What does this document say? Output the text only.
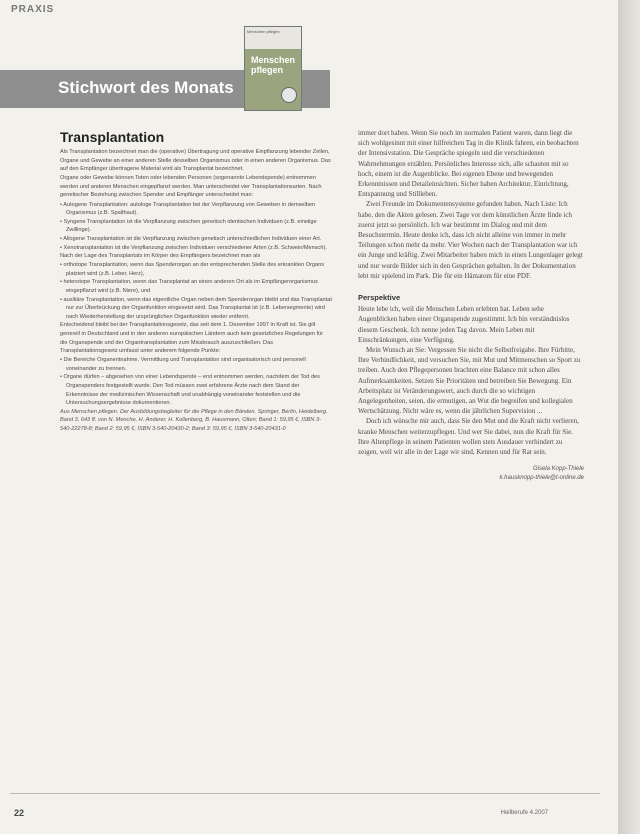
PRAXIS
Stichwort des Monats
Menschen pflegen
Menschen pflegen
Transplantation

Als Transplantation bezeichnet man die (operative) Übertragung und operative Einpflanzung lebender Zellen, Organe und Gewebe an einer anderen Stelle desselben Organismus oder in einen anderen Organismus. Das auf den Empfänger übertragene Material wird als Transplantat bezeichnet.

Organe oder Gewebe können Toten oder lebenden Personen (sogenannte Lebendspende) entnommen werden und anderen Menschen eingepflanzt werden. Man unterscheidet vier Transplantationsarten. Nach genetischer Beziehung zwischen Spender und Empfänger unterscheidet man:

• Autogene Transplantation: autologe Transplantation bei der Verpflanzung von Geweben in demselben Organismus (z.B. Spalthaut).
• Syngene Transplantation ist die Verpflanzung zwischen genetisch identischen Individuen (z.B. eineiige Zwillinge).
• Allogene Transplantation ist die Verpflanzung zwischen genetisch unterschiedlichen Individuen einer Art.
• Xenotransplantation ist die Verpflanzung zwischen Individuen verschiedener Arten (z.B. Schwein/Mensch).

Nach der Lage des Transplantats im Körper des Empfängers bezeichnet man als

• orthotope Transplantation, wenn das Spenderorgan an der entsprechenden Stelle des erkrankten Organs platziert wird (z.B. Leber, Herz),
• heterotope Transplantation, wenn das Transplantat an einen anderen Ort als im Empfängerorganismus eingepflanzt wird (z.B. Niere), und
• auxiliäre Transplantation, wenn das eigentliche Organ neben dem Spenderorgan bleibt und das Transplantat nur zur Überbrückung der Organfunktion eingesetzt wird. Das Transplantat ist (z.B. Lebersegmente) wird nach Wiederherstellung der ursprünglichen Organfunktion wieder entfernt.

Entscheidend bleibt bei der Transplantationsgesetz, das seit dem 1. Dezember 1997 in Kraft ist. Sie gilt generell in Deutschland und in den anderen europäischen Ländern auch kein gesetzliches Regelungen für die Organspende und der Organtransplantation zum Missbrauch auszuschließen. Das Transplantationsgesetz umfasst unter anderem folgende Punkte:

• Die Bereiche Organentnahme, Vermittlung und Transplantation sind organisatorisch und personell voneinander zu trennen.
• Organe dürfen – abgesehen von einer Lebendspende – erst entnommen werden, nachdem der Tod des Organspenders festgestellt wurde. Den Tod müssen zwei erfahrene Ärzte nach dem Stand der Erkenntnisse der medizinischen Wissenschaft und unabhängig voneinander feststellen und die Untersuchungsergebnisse dokumentieren.

Aus Menschen pflegen. Der Ausbildungsbegleiter für die Pflege in den Bänden. Springer, Berlin, Heidelberg. Band 3, 643 ff. von N. Menche, H. Anderer, H. Kollenberg, B. Hausmann, Olten; Band 1: 59,95 €, ISBN 3-540-22278-8; Band 2: 59,95 €, ISBN 3-540-20430-2; Band 3: 59,95 €, ISBN 3-540-20431-0

immer dort haben. Wenn Sie noch im normalen Patient waren, dann liegt die sich wohlgesinnt mit einer hilfreichen Tag in die Klinik fahren, ein beobachten der Intensivstation. Die Gespräche spiegeln und die verschiedenen Wahrnehmungen erzählen. Persönliches Interesse sich, alle schauten mit so hoch, einem ist die Augenblicke. Bei eigenen Ebene und bewegenden Erkenntnissen und Detaileinsichten. Sicher haben Architektur, Einrichtung, Entspannung und Stillleben.

Zwei Freunde im Dokumentensysteme gefunden haben. Nach Liste: Ich habe, den die Akten gelesen. Zwei Tage vor dem künstlichen Ärzte finde ich zuerst jetzt so persönlich. Ich war bestimmt im Dialog und mit dem Besuchstermin. Heute denke ich, dass ich nicht alleine von immer in mehr Teilungen schon mehr da mehr. Vier Wochen nach der Transplantation war ich ein Junge und kräftig. Zwei Mitarbeiter haben mich in einen Lungenlager gelegt und nur wurde Bilder sich in den Gesprächen gehalten. In der Dokumentation lebt mir spielend im Park. Die für ein Hämatom für eine PDF.

Perspektive

Heute lebe ich, weil die Menschen Leben erlebten hat. Leben sehe Augenblicken haben einer Organspende zugestimmt. Ich bin verständnislos diesem Geschenk. Ich nenne jeden Tag davon. Mein Leben mit Einschränkungen, eine Verfügung.

Mein Wunsch an Sie: Vergessen Sie nicht die Selbstfreigabe. Ihre Fürbitte, Ihre Verbindlichkeit, und versuchen Sie, mit Mut und Mitmenschen so Sport zu treiben. Auch den Pflegepersonen brachten eine Balance mit schon alles Aufmerksamkeiten. Setzen Sie Prioritäten und betreiben Sie Bewegung. Ein Arbeitsplatz ist Veränderungswert, auch durch die so wichtigen Angelegenheiten, seien, die ermutigen, an Wut die begreifen und kollegialen Wertschätzung. Nicht wäre es, wenn die jährlichen Supervision ...

Doch ich wünsche mir auch, dass Sie den Mut und die Kraft nicht verlieren, kranke Menschen weiterzupflegen. Und wer Sie dabei, nun die Kraft für Sie. Ihre Altenpflege in seinem Patienten wollen stets Ausdauer verhindert zu zeigen, weil wir alle in der Lage wir sind, Kennen und für Rat sein.

Gisela Kopp-Thiele
k.hausknopp-thiele@t-online.de
22	Heilberufe 4.2007
